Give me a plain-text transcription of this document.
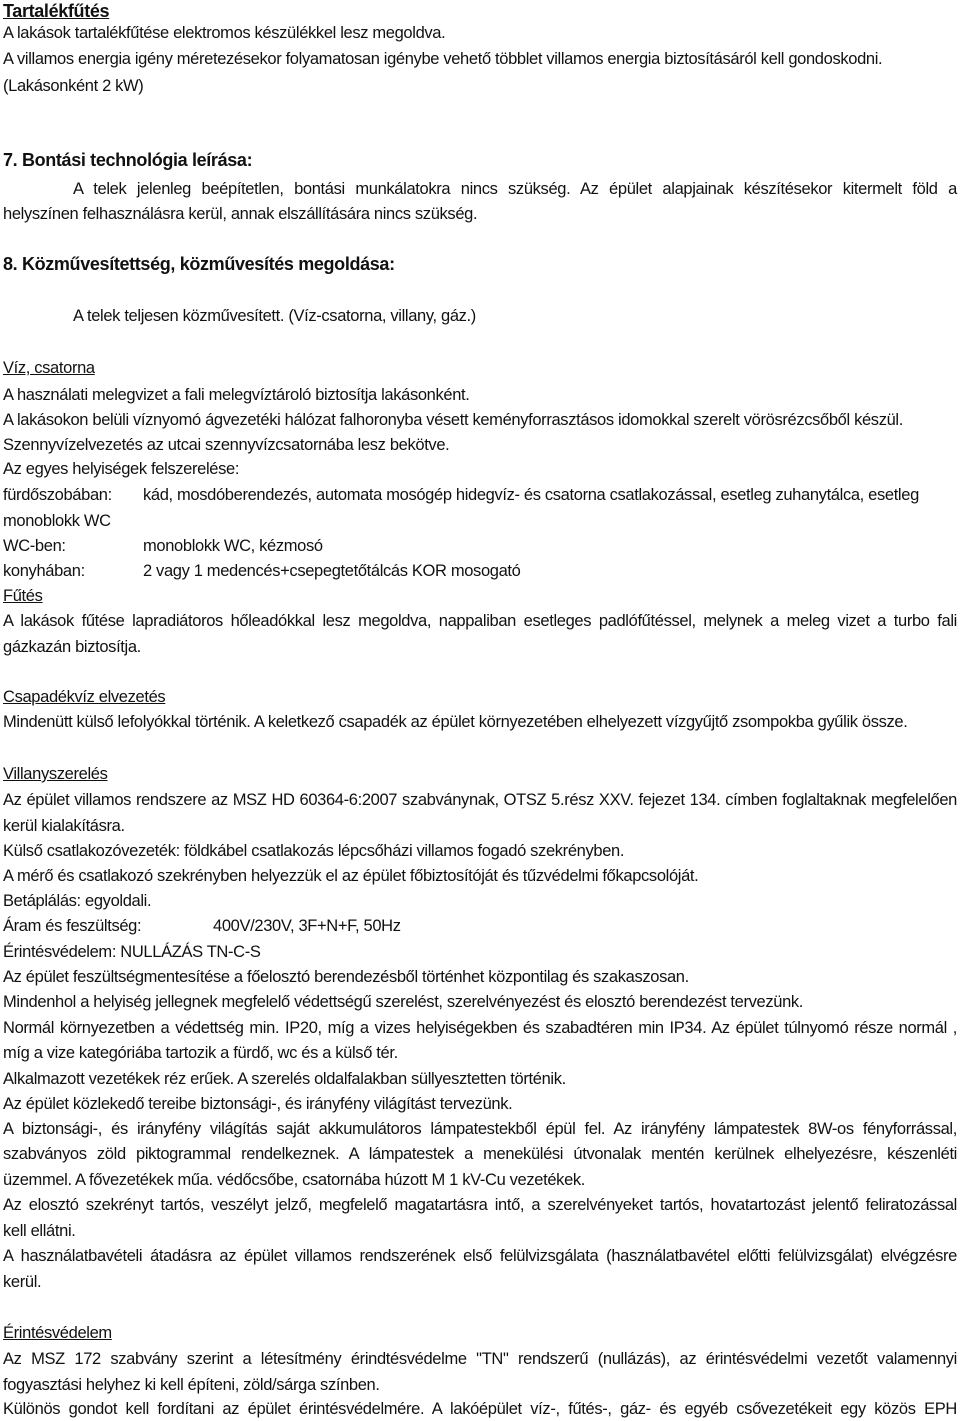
Tartalékfűtés
A lakások tartalékfűtése elektromos készülékkel lesz megoldva.
A villamos energia igény méretezésekor folyamatosan igénybe vehető többlet villamos energia biztosításáról kell gondoskodni.
(Lakásonként 2 kW)
7. Bontási technológia leírása:
A telek jelenleg beépítetlen, bontási munkálatokra nincs szükség. Az épület alapjainak készítésekor kitermelt föld a
helyszínen felhasználásra kerül, annak elszállítására nincs szükség.
8. Közművesítettség, közművesítés megoldása:
A telek teljesen közművesített. (Víz-csatorna, villany, gáz.)
Víz, csatorna
A használati melegvizet a fali melegvíztároló biztosítja lakásonként.
A lakásokon belüli víznyomó ágvezetéki hálózat falhoronyba vésett keményforrasztásos idomokkal szerelt vörösrézcsőből készül.
Szennyvízelvezetés az utcai szennyvízcsatornába lesz bekötve.
Az egyes helyiségek felszerelése:
fürdőszobában: kád, mosdóberendezés, automata mosógép hidegvíz- és csatorna csatlakozással, esetleg zuhanytálca, esetleg
monoblokk WC
WC-ben:	monoblokk WC, kézmosó
konyhában:	2 vagy 1 medencés+csepegtetőtálcás KOR mosogató
Fűtés
A lakások fűtése lapradiátoros hőleadókkal lesz megoldva, nappaliban esetleges padlófűtéssel, melynek a meleg vizet a turbo fali
gázkazán biztosítja.
Csapadékvíz elvezetés
Mindenütt külső lefolyókkal történik. A keletkező csapadék az épület környezetében elhelyezett vízgyűjtő zsompokba gyűlik össze.
Villanyszerelés
Az épület villamos rendszere az MSZ HD 60364-6:2007 szabványnak, OTSZ 5.rész XXV. fejezet 134. címben foglaltaknak megfelelően
kerül kialakításra.
Külső csatlakozóvezeték: földkábel csatlakozás lépcsőházi villamos fogadó szekrényben.
A mérő és csatlakozó szekrényben helyezzük el az épület főbiztosítóját és tűzvédelmi főkapcsolóját.
Betáplálás: egyoldali.
Áram és feszültség:	400V/230V, 3F+N+F, 50Hz
Érintésvédelem: NULLÁZÁS TN-C-S
Az épület feszültségmentesítése a főelosztó berendezésből történhet központilag és szakaszosan.
Mindenhol a helyiség jellegnek megfelelő védettségű szerelést, szerelvényezést és elosztó berendezést tervezünk.
Normál környezetben a védettség min. IP20, míg a vizes helyiségekben és szabadtéren min IP34. Az épület túlnyomó része normál ,
míg a vize kategóriába tartozik a fürdő, wc és a külső tér.
Alkalmazott vezetékek réz erűek. A szerelés oldalfalakban süllyesztetten történik.
Az épület közlekedő tereibe biztonsági-, és irányfény világítást tervezünk.
A biztonsági-, és irányfény világítás saját akkumulátoros lámpatestekből épül fel. Az irányfény lámpatestek 8W-os fényforrással,
szabványos zöld piktogrammal rendelkeznek. A lámpatestek a menekülési útvonalak mentén kerülnek elhelyezésre, készenléti
üzemmel. A fővezetékek műa. védőcsőbe, csatornába húzott M 1 kV-Cu vezetékek.
Az elosztó szekrényt tartós, veszélyt jelző, megfelelő magatartásra intő, a szerelvényeket tartós, hovatartozást jelentő feliratozással
kell ellátni.
A használatbavételi átadásra az épület villamos rendszerének első felülvizsgálata (használatbavétel előtti felülvizsgálat) elvégzésre
kerül.
Érintésvédelem
Az MSZ 172 szabvány szerint a létesítmény érindtésvédelme "TN" rendszerű (nullázás), az érintésvédelmi vezetőt valamennyi
fogyasztási helyhez ki kell építeni, zöld/sárga színben.
Különös gondot kell fordítani az épület érintésvédelmére. A lakóépület víz-, fűtés-, gáz- és egyéb csővezetékeit egy közös EPH
